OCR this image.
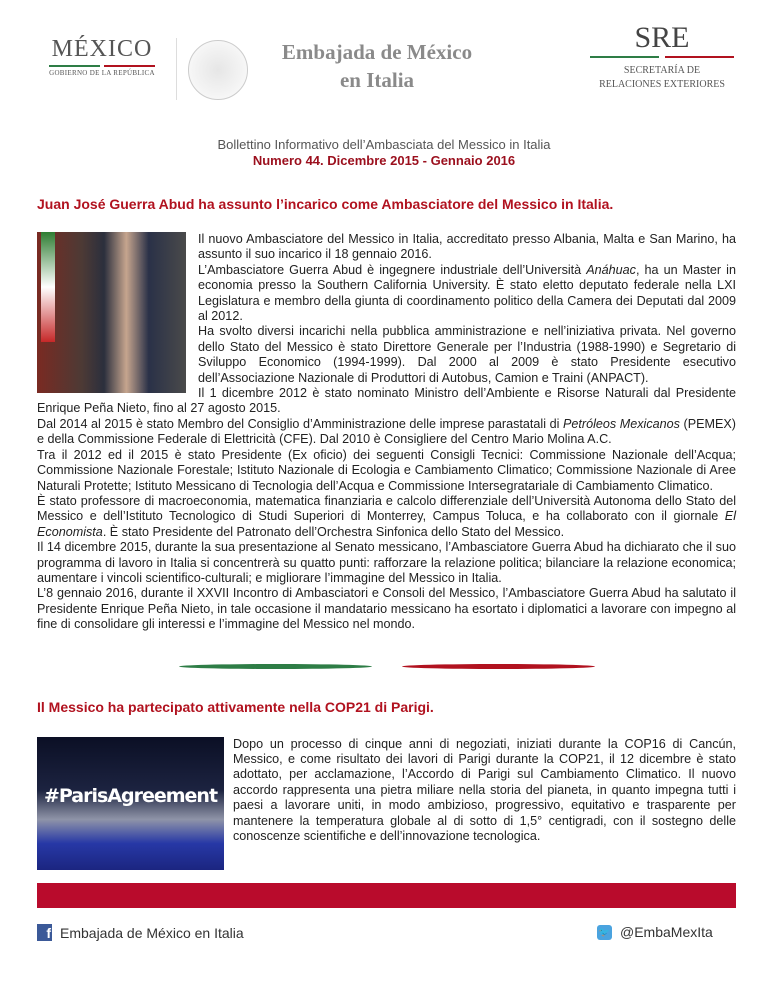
MÉXICO
GOBIERNO DE LA REPÚBLICA
Embajada de México
en Italia
SRE
SECRETARÍA DE
RELACIONES EXTERIORES
Bollettino Informativo dell’Ambasciata del Messico in Italia
Numero 44. Dicembre 2015 - Gennaio 2016
Juan José Guerra Abud ha assunto l’incarico come Ambasciatore del Messico in Italia.

Il nuovo Ambasciatore del Messico in Italia, accreditato presso Albania, Malta e San Marino, ha assunto il suo incarico il 18 gennaio 2016.

L’Ambasciatore Guerra Abud è ingegnere industriale dell’Università Anáhuac, ha un Master in economia presso la Southern California University. È stato eletto deputato federale nella LXI Legislatura e membro della giunta di coordinamento politico della Camera dei Deputati dal 2009 al 2012.

Ha svolto diversi incarichi nella pubblica amministrazione e nell’iniziativa privata. Nel governo dello Stato del Messico è stato Direttore Generale per l’Industria (1988-1990) e Segretario di Sviluppo Economico (1994-1999). Dal 2000 al 2009 è stato Presidente esecutivo dell’Associazione Nazionale di Produttori di Autobus, Camion e Traini (ANPACT).

Il 1 dicembre 2012 è stato nominato Ministro dell’Ambiente e Risorse Naturali dal Presidente Enrique Peña Nieto, fino al 27 agosto 2015.

Dal 2014 al 2015 è stato Membro del Consiglio d’Amministrazione delle imprese parastatali di Petróleos Mexicanos (PEMEX) e della Commissione Federale di Elettricità (CFE). Dal 2010 è Consigliere del Centro Mario Molina A.C.

Tra il 2012 ed il 2015 è stato Presidente (Ex oficio) dei seguenti Consigli Tecnici: Commissione Nazionale dell’Acqua; Commissione Nazionale Forestale; Istituto Nazionale di Ecologia e Cambiamento Climatico; Commissione Nazionale di Aree Naturali Protette; Istituto Messicano di Tecnologia dell’Acqua e Commissione Intersegratariale di Cambiamento Climatico.

È stato professore di macroeconomia, matematica finanziaria e calcolo differenziale dell’Università Autonoma dello Stato del Messico e dell’Istituto Tecnologico di Studi Superiori di Monterrey, Campus Toluca, e ha collaborato con il giornale El Economista. È stato Presidente del Patronato dell’Orchestra Sinfonica dello Stato del Messico.

Il 14 dicembre 2015, durante la sua presentazione al Senato messicano, l’Ambasciatore Guerra Abud ha dichiarato che il suo programma di lavoro in Italia si concentrerà su quatto punti: rafforzare la relazione politica; bilanciare la relazione economica; aumentare i vincoli scientifico-culturali; e migliorare l’immagine del Messico in Italia.

L’8 gennaio 2016, durante il XXVII Incontro di Ambasciatori e Consoli del Messico, l’Ambasciatore Guerra Abud ha salutato il Presidente Enrique Peña Nieto, in tale occasione il mandatario messicano ha esortato i diplomatici a lavorare con impegno al fine di consolidare gli interessi e l’immagine del Messico nel mondo.

Il Messico ha partecipato attivamente nella COP21 di Parigi.
#ParisAgreement

Dopo un processo di cinque anni di negoziati, iniziati durante la COP16 di Cancún, Messico, e come risultato dei lavori di Parigi durante la COP21, il 12 dicembre è stato adottato, per acclamazione, l’Accordo di Parigi sul Cambiamento Climatico. Il nuovo accordo rappresenta una pietra miliare nella storia del pianeta, in quanto impegna tutti i paesi a lavorare uniti, in modo ambizioso, progressivo, equitativo e trasparente per mantenere la temperatura globale al di sotto di 1,5° centigradi, con il sostegno delle conoscenze scientifiche e dell’innovazione tecnologica.

f Embajada de México en Italia	🐦 @EmbaMexIta
